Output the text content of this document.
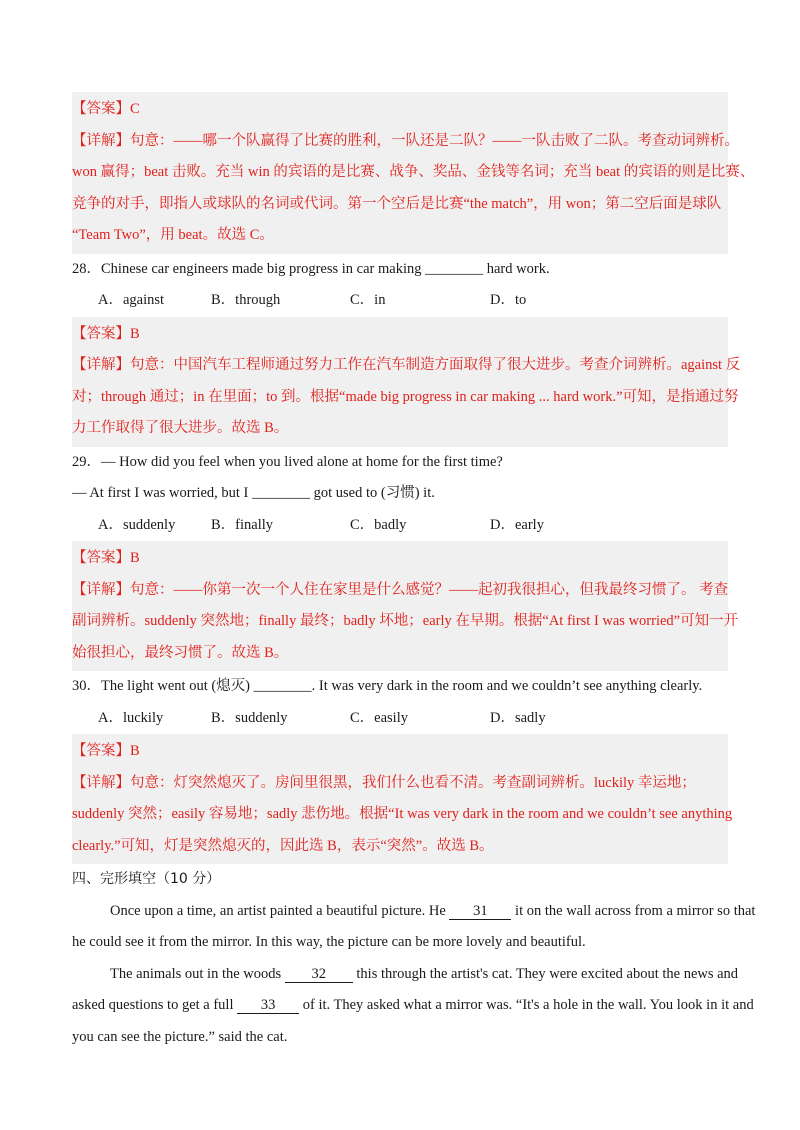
【答案】C
【详解】句意：——哪一个队赢得了比赛的胜利，一队还是二队？——一队击败了二队。考查动词辨析。
won 赢得；beat 击败。充当 win 的宾语的是比赛、战争、奖品、金钱等名词；充当 beat 的宾语的则是比赛、
竞争的对手，即指人或球队的名词或代词。第一个空后是比赛“the match”，用 won；第二空后面是球队
“Team Two”，用 beat。故选 C。
28．Chinese car engineers made big progress in car making ________ hard work.
A．against	B．through	C．in	D．to
【答案】B
【详解】句意：中国汽车工程师通过努力工作在汽车制造方面取得了很大进步。考查介词辨析。against 反
对；through 通过；in 在里面；to 到。根据“made big progress in car making ... hard work.”可知，是指通过努
力工作取得了很大进步。故选 B。
29．— How did you feel when you lived alone at home for the first time?
— At first I was worried, but I ________ got used to (习惯) it.
A．suddenly	B．finally	C．badly	D．early
【答案】B
【详解】句意：——你第一次一个人住在家里是什么感觉？——起初我很担心，但我最终习惯了。 考查
副词辨析。suddenly 突然地；finally 最终；badly 坏地；early 在早期。根据“At first I was worried”可知一开
始很担心，最终习惯了。故选 B。
30．The light went out (熄灭) ________. It was very dark in the room and we couldn’t see anything clearly.
A．luckily	B．suddenly	C．easily	D．sadly
【答案】B
【详解】句意：灯突然熄灭了。房间里很黑，我们什么也看不清。考查副词辨析。luckily 幸运地；
suddenly 突然；easily 容易地；sadly 悲伤地。根据“It was very dark in the room and we couldn’t see anything
clearly.”可知，灯是突然熄灭的，因此选 B，表示“突然”。故选 B。
四、完形填空（10 分）
Once upon a time, an artist painted a beautiful picture. He 31 it on the wall across from a mirror so that
he could see it from the mirror. In this way, the picture can be more lovely and beautiful.
The animals out in the woods 32 this through the artist's cat. They were excited about the news and
asked questions to get a full 33 of it. They asked what a mirror was. “It's a hole in the wall. You look in it and
you can see the picture.” said the cat.
